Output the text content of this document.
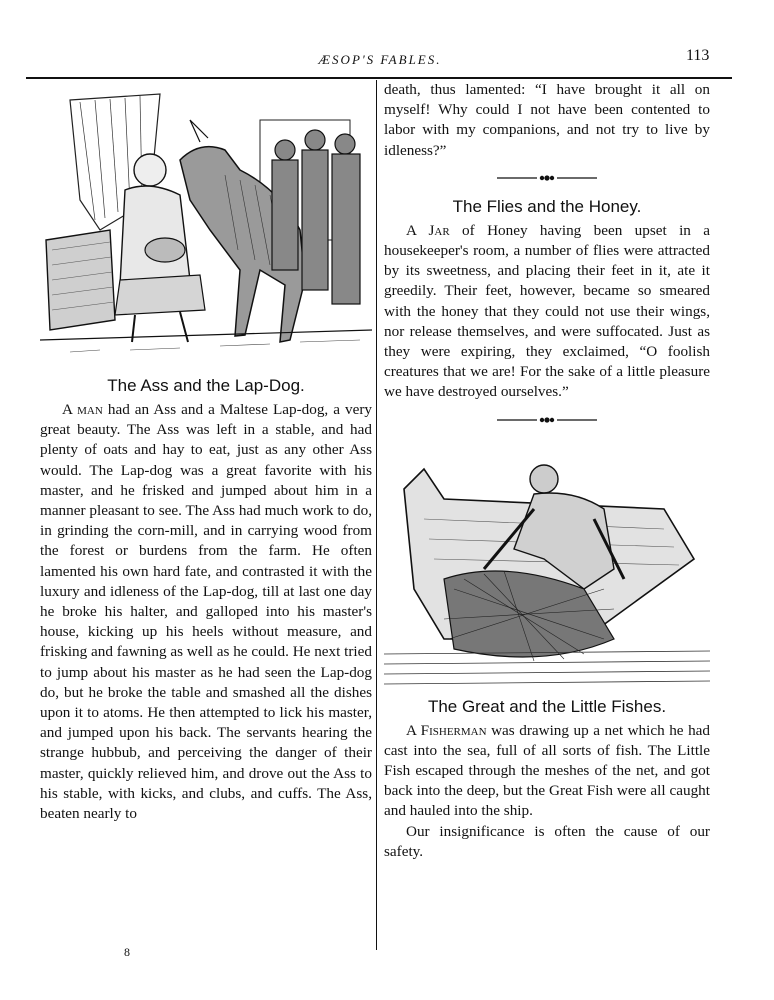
ÆSOP'S FABLES.	113
The Ass and the Lap-Dog.

A man had an Ass and a Maltese Lap-dog, a very great beauty. The Ass was left in a stable, and had plenty of oats and hay to eat, just as any other Ass would. The Lap-dog was a great favorite with his master, and he frisked and jumped about him in a manner pleasant to see. The Ass had much work to do, in grinding the corn-mill, and in carrying wood from the forest or burdens from the farm. He often lamented his own hard fate, and contrasted it with the luxury and idleness of the Lap-dog, till at last one day he broke his halter, and galloped into his master's house, kicking up his heels without measure, and frisking and fawning as well as he could. He next tried to jump about his master as he had seen the Lap-dog do, but he broke the table and smashed all the dishes upon it to atoms. He then attempted to lick his master, and jumped upon his back. The servants hearing the strange hubbub, and perceiving the danger of their master, quickly relieved him, and drove out the Ass to his stable, with kicks, and clubs, and cuffs. The Ass, beaten nearly to

8

death, thus lamented: “I have brought it all on myself! Why could I not have been contented to labor with my companions, and not try to live by idleness?”

The Flies and the Honey.

A Jar of Honey having been upset in a housekeeper's room, a number of flies were attracted by its sweetness, and placing their feet in it, ate it greedily. Their feet, however, became so smeared with the honey that they could not use their wings, nor release themselves, and were suffocated. Just as they were expiring, they exclaimed, “O foolish creatures that we are! For the sake of a little pleasure we have destroyed ourselves.”

The Great and the Little Fishes.

A Fisherman was drawing up a net which he had cast into the sea, full of all sorts of fish. The Little Fish escaped through the meshes of the net, and got back into the deep, but the Great Fish were all caught and hauled into the ship.

Our insignificance is often the cause of our safety.
